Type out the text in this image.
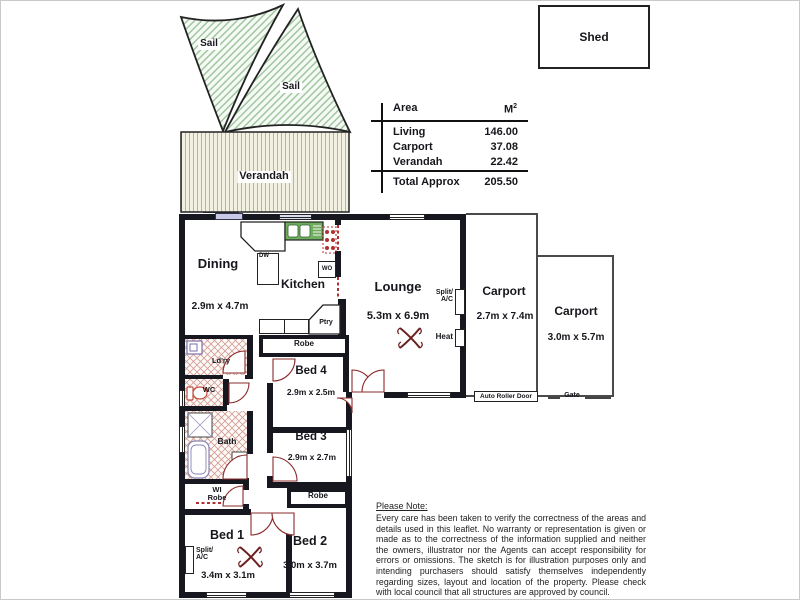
Shed
Sail
Sail
Verandah
Area	$M^2$
Living	146.00
Carport	37.08
Verandah	22.42
Total Approx	205.50
Dining
2.9m x 4.7m
Kitchen	Lounge
5.3m x 6.9m
Carport
2.7m x 7.4m Carport
3.0m x 5.7m
Bed 4
2.9m x 2.5m
Bed 3
2.9m x 2.7m
Bed 1
3.4m x 3.1m
Bed 2
3.0m x 3.7m
Ld'ry
WC
Bath
WI
Robe
Robe
Robe
DW
WO
Ptry
Split/
A/C
Heat
Split/
A/C
Auto Roller Door	Gate
Please Note:
Every care has been taken to verify the correctness of the areas and details used in this leaflet. No warranty or representation is given or made as to the correctness of the information supplied and neither the owners, illustrator nor the Agents can accept responsibility for errors or omissions. The sketch is for illustration purposes only and intending purchasers should satisfy themselves independently regarding sizes, layout and location of the property. Please check with local council that all structures are approved by council.
